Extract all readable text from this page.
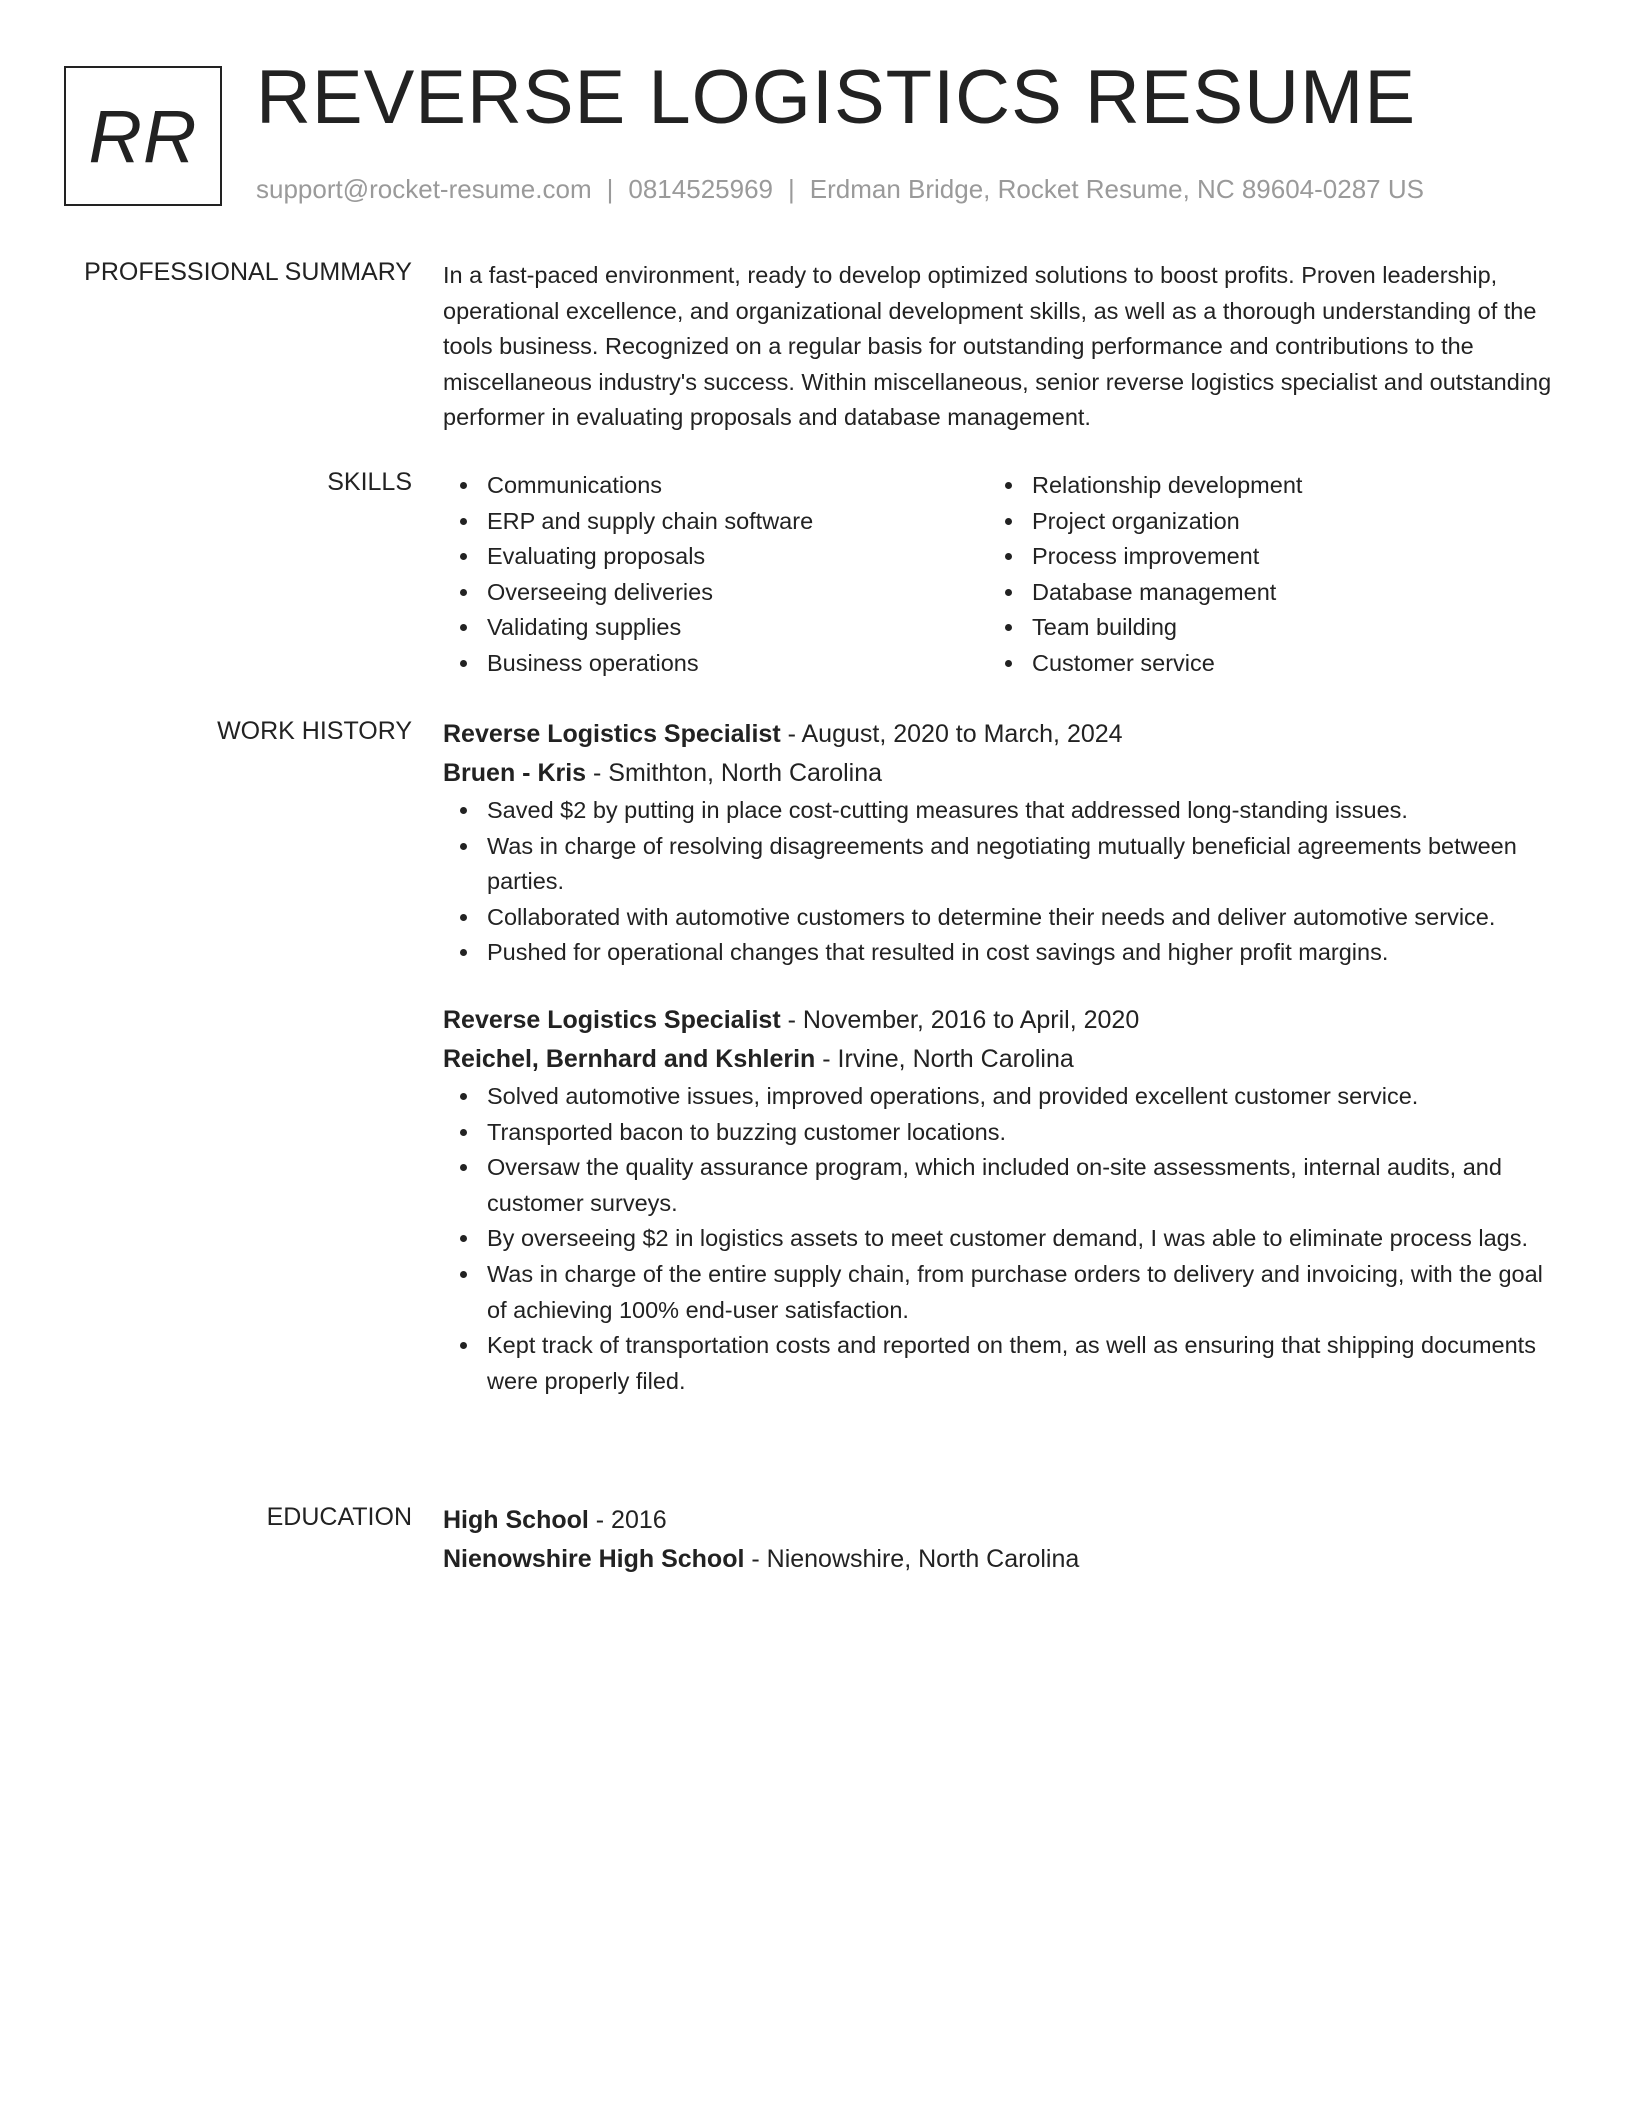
RR REVERSE LOGISTICS RESUME
support@rocket-resume.com | 0814525969 | Erdman Bridge, Rocket Resume, NC 89604-0287 US
PROFESSIONAL SUMMARY In a fast-paced environment, ready to develop optimized solutions to boost profits. Proven leadership, operational excellence, and organizational development skills, as well as a thorough understanding of the tools business. Recognized on a regular basis for outstanding performance and contributions to the miscellaneous industry's success. Within miscellaneous, senior reverse logistics specialist and outstanding performer in evaluating proposals and database management.

SKILLS	Communications
ERP and supply chain software
Evaluating proposals
Overseeing deliveries
Validating supplies
Business operations
Relationship development
Project organization
Process improvement
Database management
Team building
Customer service
WORK HISTORY Reverse Logistics Specialist - August, 2020 to March, 2024
Bruen - Kris - Smithton, North Carolina
Saved $2 by putting in place cost-cutting measures that addressed long-standing issues.
Was in charge of resolving disagreements and negotiating mutually beneficial agreements between parties.
Collaborated with automotive customers to determine their needs and deliver automotive service.
Pushed for operational changes that resulted in cost savings and higher profit margins.
Reverse Logistics Specialist - November, 2016 to April, 2020
Reichel, Bernhard and Kshlerin - Irvine, North Carolina
Solved automotive issues, improved operations, and provided excellent customer service.
Transported bacon to buzzing customer locations.
Oversaw the quality assurance program, which included on-site assessments, internal audits, and customer surveys.
By overseeing $2 in logistics assets to meet customer demand, I was able to eliminate process lags.
Was in charge of the entire supply chain, from purchase orders to delivery and invoicing, with the goal of achieving 100% end-user satisfaction.
Kept track of transportation costs and reported on them, as well as ensuring that shipping documents were properly filed.
EDUCATION High School - 2016
Nienowshire High School - Nienowshire, North Carolina
